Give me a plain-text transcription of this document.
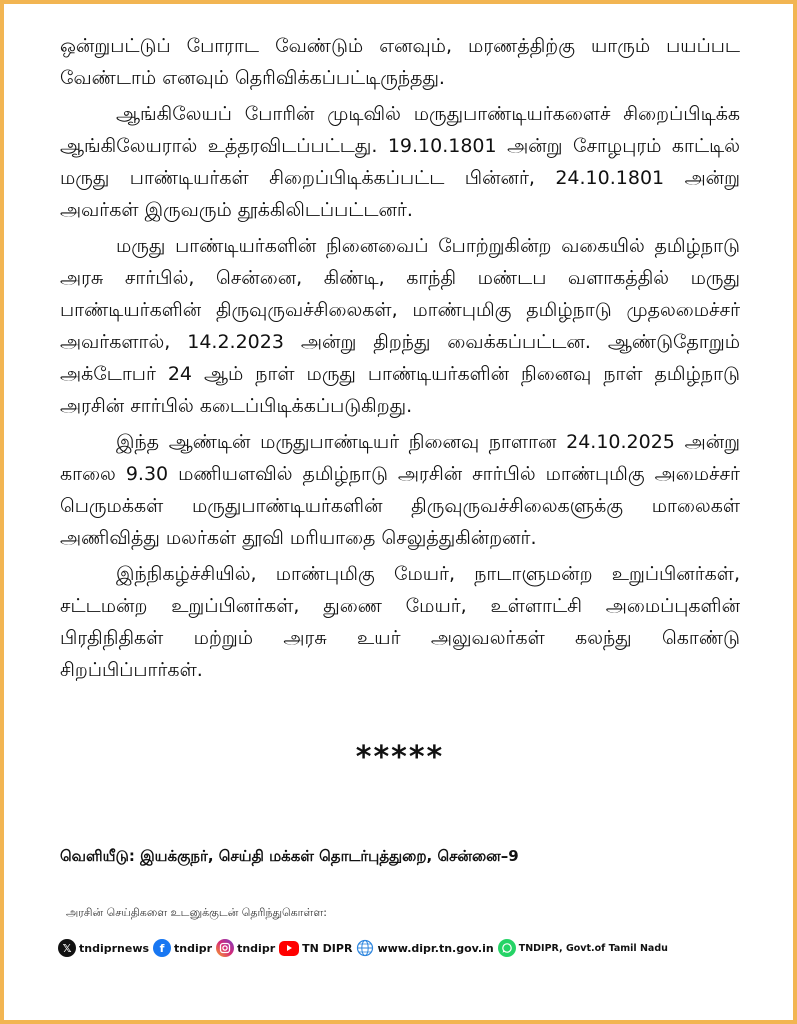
ஒன்றுபட்டுப் போராட வேண்டும் எனவும், மரணத்திற்கு யாரும் பயப்பட வேண்டாம் எனவும் தெரிவிக்கப்பட்டிருந்தது.

ஆங்கிலேயப் போரின் முடிவில் மருதுபாண்டியர்களைச் சிறைப்பிடிக்க ஆங்கிலேயரால் உத்தரவிடப்பட்டது. 19.10.1801 அன்று சோழபுரம் காட்டில் மருது பாண்டியர்கள் சிறைப்பிடிக்கப்பட்ட பின்னர், 24.10.1801 அன்று அவர்கள் இருவரும் தூக்கிலிடப்பட்டனர்.

மருது பாண்டியர்களின் நினைவைப் போற்றுகின்ற வகையில் தமிழ்நாடு அரசு சார்பில், சென்னை, கிண்டி, காந்தி மண்டப வளாகத்தில் மருது பாண்டியர்களின் திருவுருவச்சிலைகள், மாண்புமிகு தமிழ்நாடு முதலமைச்சர் அவர்களால், 14.2.2023 அன்று திறந்து வைக்கப்பட்டன. ஆண்டுதோறும் அக்டோபர் 24 ஆம் நாள் மருது பாண்டியர்களின் நினைவு நாள் தமிழ்நாடு அரசின் சார்பில் கடைப்பிடிக்கப்படுகிறது.

இந்த ஆண்டின் மருதுபாண்டியர் நினைவு நாளான 24.10.2025 அன்று காலை 9.30 மணியளவில் தமிழ்நாடு அரசின் சார்பில் மாண்புமிகு அமைச்சர் பெருமக்கள் மருதுபாண்டியர்களின் திருவுருவச்சிலைகளுக்கு மாலைகள் அணிவித்து மலர்கள் தூவி மரியாதை செலுத்துகின்றனர்.

இந்நிகழ்ச்சியில், மாண்புமிகு மேயர், நாடாளுமன்ற உறுப்பினர்கள், சட்டமன்ற உறுப்பினர்கள், துணை மேயர், உள்ளாட்சி அமைப்புகளின் பிரதிநிதிகள் மற்றும் அரசு உயர் அலுவலர்கள் கலந்து கொண்டு சிறப்பிப்பார்கள்.

*****
வெளியீடு: இயக்குநர், செய்தி மக்கள் தொடர்புத்துறை, சென்னை–9
அரசின் செய்திகளை உடனுக்குடன் தெரிந்துகொள்ள:
𝕏 tndiprnews f tndipr tndipr TN DIPR www.dipr.tn.gov.in	TNDIPR, Govt.of Tamil Nadu
